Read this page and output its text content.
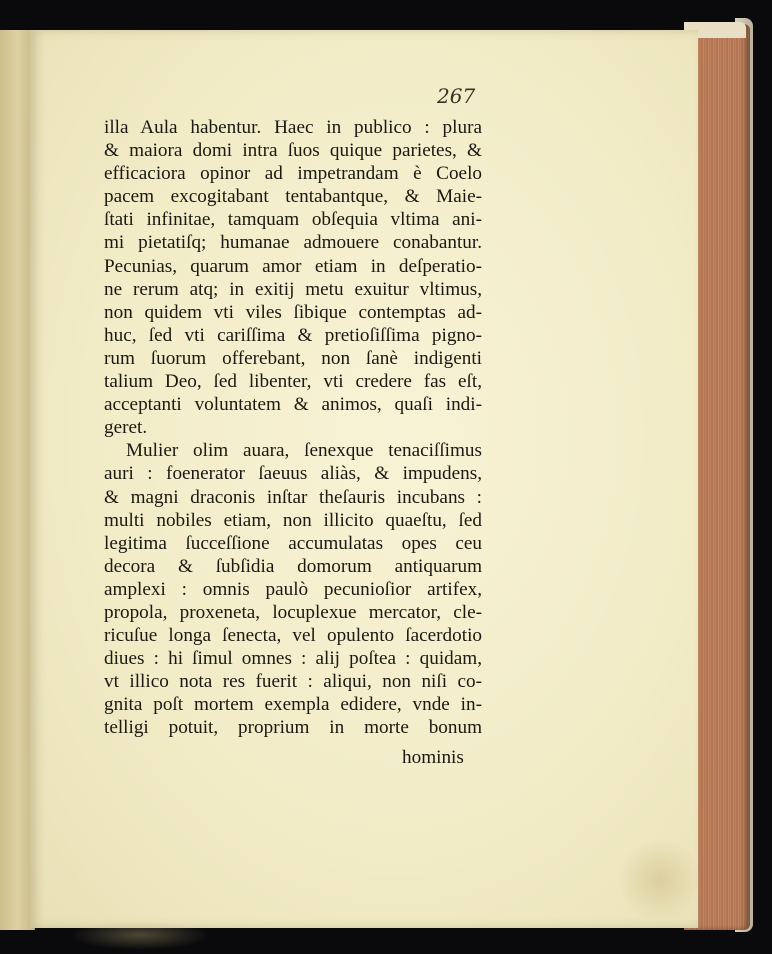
267
illa Aula habentur. Haec in publico : plura
& maiora domi intra ſuos quique parietes, &
efficaciora opinor ad impetrandam è Coelo
pacem excogitabant tentabantque, & Maie-
ſtati infinitae, tamquam obſequia vltima ani-
mi pietatiſq; humanae admouere conabantur.
Pecunias, quarum amor etiam in deſperatio-
ne rerum atq; in exitij metu exuitur vltimus,
non quidem vti viles ſibique contemptas ad-
huc, ſed vti cariſſima & pretioſiſſima pigno-
rum ſuorum offerebant, non ſanè indigenti
talium Deo, ſed libenter, vti credere fas eſt,
acceptanti voluntatem & animos, quaſi indi-
geret.
Mulier olim auara, ſenexque tenaciſſimus
auri : foenerator ſaeuus aliàs, & impudens,
& magni draconis inſtar theſauris incubans :
multi nobiles etiam, non illicito quaeſtu, ſed
legitima ſucceſſione accumulatas opes ceu
decora & ſubſidia domorum antiquarum
amplexi : omnis paulò pecunioſior artifex,
propola, proxeneta, locuplexue mercator, cle-
ricuſue longa ſenecta, vel opulento ſacerdotio
diues : hi ſimul omnes : alij poſtea : quidam,
vt illico nota res fuerit : aliqui, non niſi co-
gnita poſt mortem exempla edidere, vnde in-
telligi potuit, proprium in morte bonum
hominis
